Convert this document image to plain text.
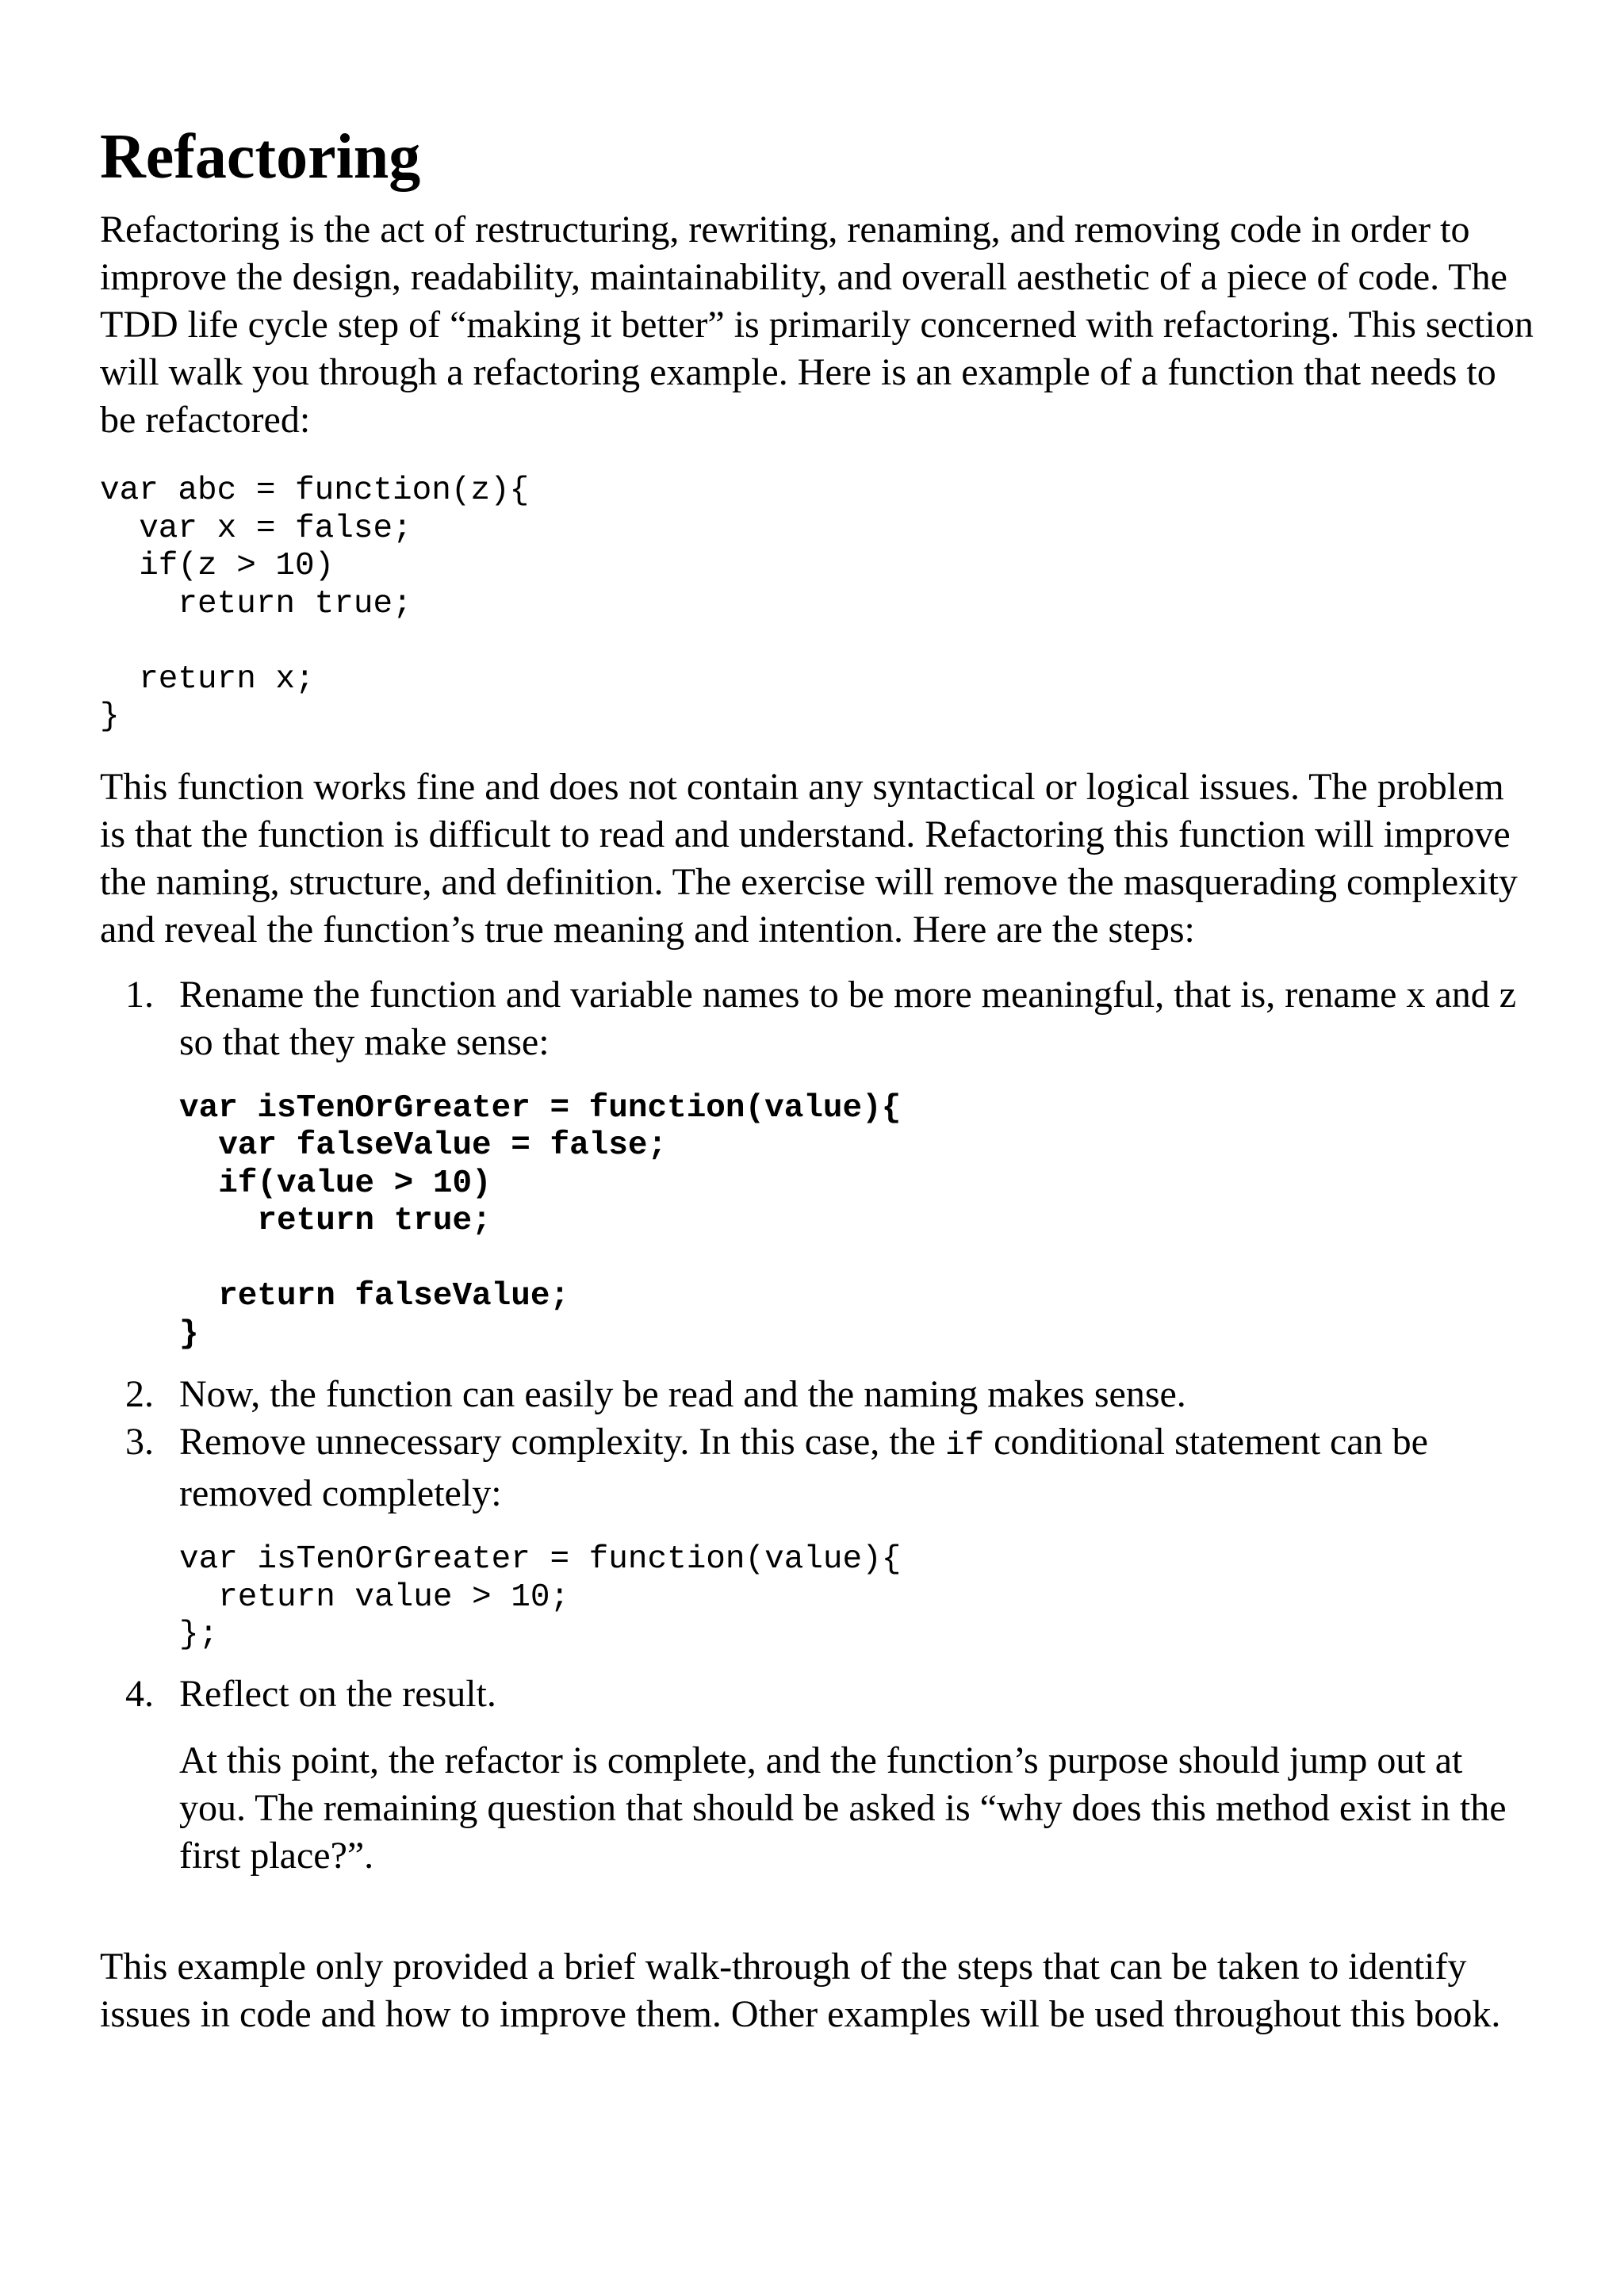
Refactoring

Refactoring is the act of restructuring, rewriting, renaming, and removing code in order to improve the design, readability, maintainability, and overall aesthetic of a piece of code. The TDD life cycle step of “making it better” is primarily concerned with refactoring. This section will walk you through a refactoring example. Here is an example of a function that needs to be refactored:

var abc = function(z){
var x = false;
if(z > 10)
return true;

return x;
}

This function works fine and does not contain any syntactical or logical issues. The problem is that the function is difficult to read and understand. Refactoring this function will improve the naming, structure, and definition. The exercise will remove the masquerading complexity and reveal the function’s true meaning and intention. Here are the steps:

1. Rename the function and variable names to be more meaningful, that is, rename x and z so that they make sense:

var isTenOrGreater = function(value){
var falseValue = false;
if(value > 10)
return true;

return falseValue;
}
2. Now, the function can easily be read and the naming makes sense.

3. Remove unnecessary complexity. In this case, the if conditional statement can be removed completely:

var isTenOrGreater = function(value){
return value > 10;
};
4. Reflect on the result.

At this point, the refactor is complete, and the function’s purpose should jump out at you. The remaining question that should be asked is “why does this method exist in the first place?”.

This example only provided a brief walk-through of the steps that can be taken to identify issues in code and how to improve them. Other examples will be used throughout this book.
